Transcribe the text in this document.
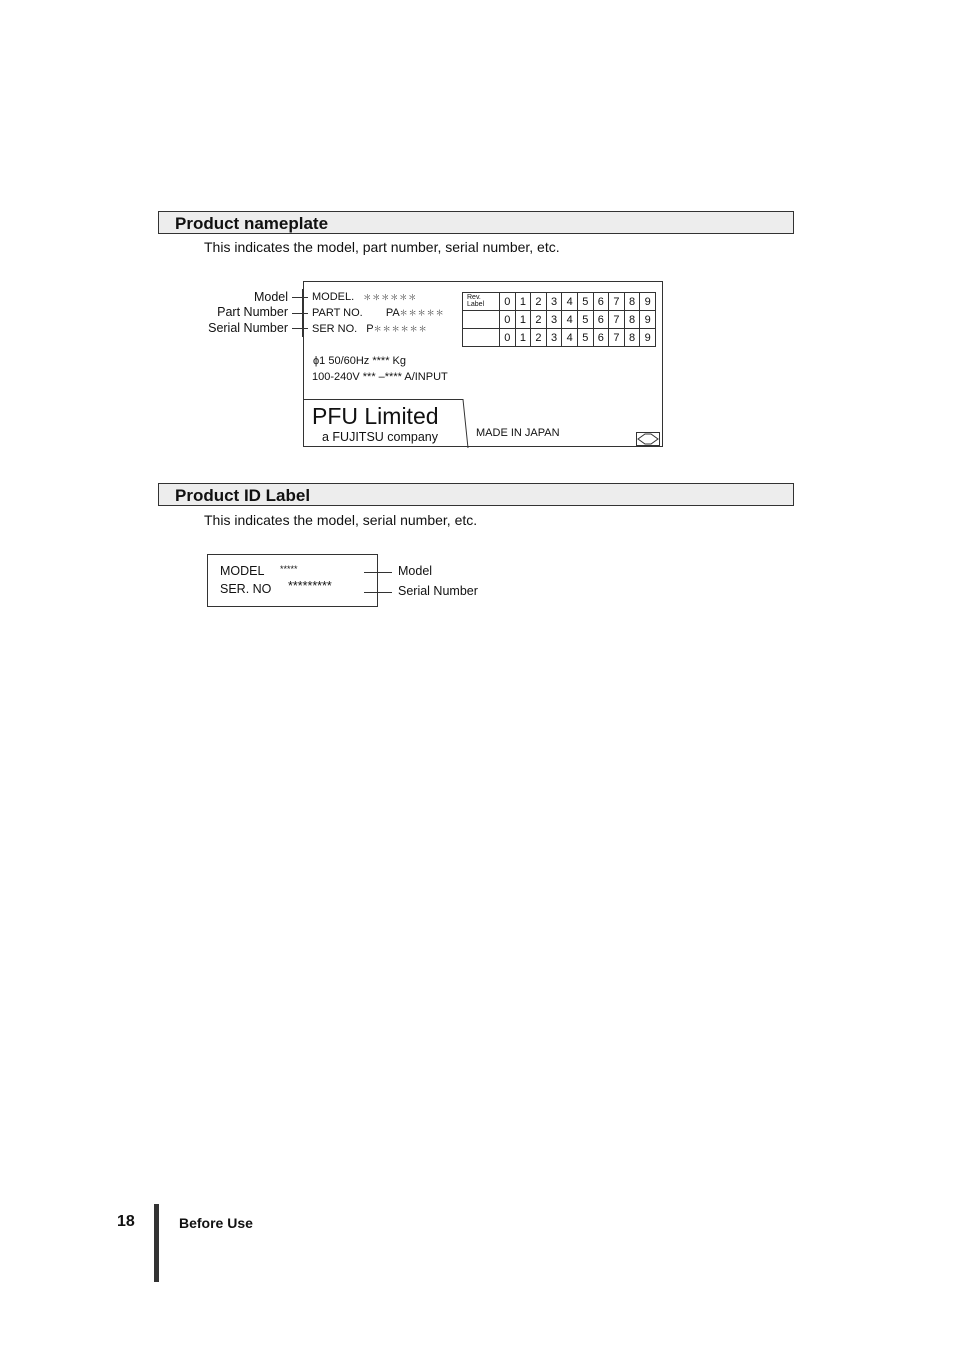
Product nameplate
This indicates the model, part number, serial number, etc.
Model
Part Number
Serial Number
MODEL. ＊＊＊＊＊＊
PART NO. PA＊＊＊＊＊
SER NO. P＊＊＊＊＊＊
Rev. Label	0	1	2	3	4	5	6	7	8	9
	0	1	2	3	4	5	6	7	8	9
	0	1	2	3	4	5	6	7	8	9
ϕ1 50/60Hz **** Kg
100-240V *** –**** A/INPUT
PFU Limited
a FUJITSU company	MADE IN JAPAN
Product ID Label
This indicates the model, serial number, etc.
MODEL *****
SER. NO *********
Model
Serial Number
18	Before Use
